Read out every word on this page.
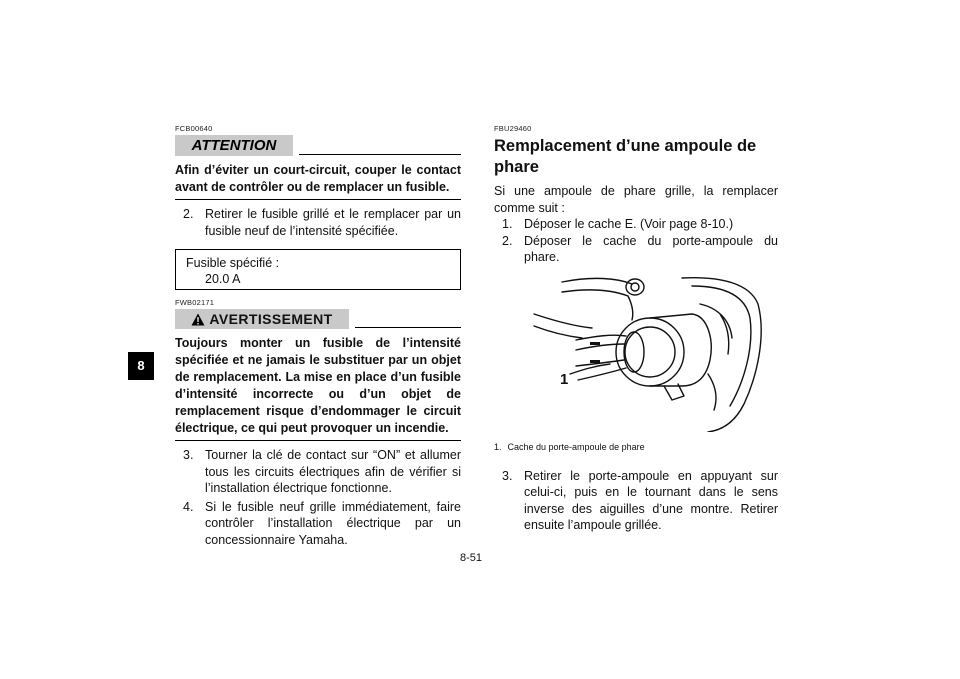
8
FCB00640
ATTENTION
Afin d’éviter un court-circuit, couper le contact avant de contrôler ou de remplacer un fusible.
2. Retirer le fusible grillé et le remplacer par un fusible neuf de l’intensité spécifiée.
Fusible spécifié :
20.0 A
FWB02171
AVERTISSEMENT
Toujours monter un fusible de l’intensité spécifiée et ne jamais le substituer par un objet de remplacement. La mise en place d’un fusible d’intensité incorrecte ou d’un objet de remplacement risque d’endommager le circuit électrique, ce qui peut provoquer un incendie.
3. Tourner la clé de contact sur “ON” et allumer tous les circuits électriques afin de vérifier si l’installation électrique fonctionne.
4. Si le fusible neuf grille immédiatement, faire contrôler l’installation électrique par un concessionnaire Yamaha.
FBU29460
Remplacement d’une ampoule de
phare
Si une ampoule de phare grille, la remplacer comme suit :
1. Déposer le cache E. (Voir page 8-10.)
2. Déposer le cache du porte-ampoule du phare.
1
1. Cache du porte-ampoule de phare
3. Retirer le porte-ampoule en appuyant sur celui-ci, puis en le tournant dans le sens inverse des aiguilles d’une montre. Retirer ensuite l’ampoule grillée.
8-51
